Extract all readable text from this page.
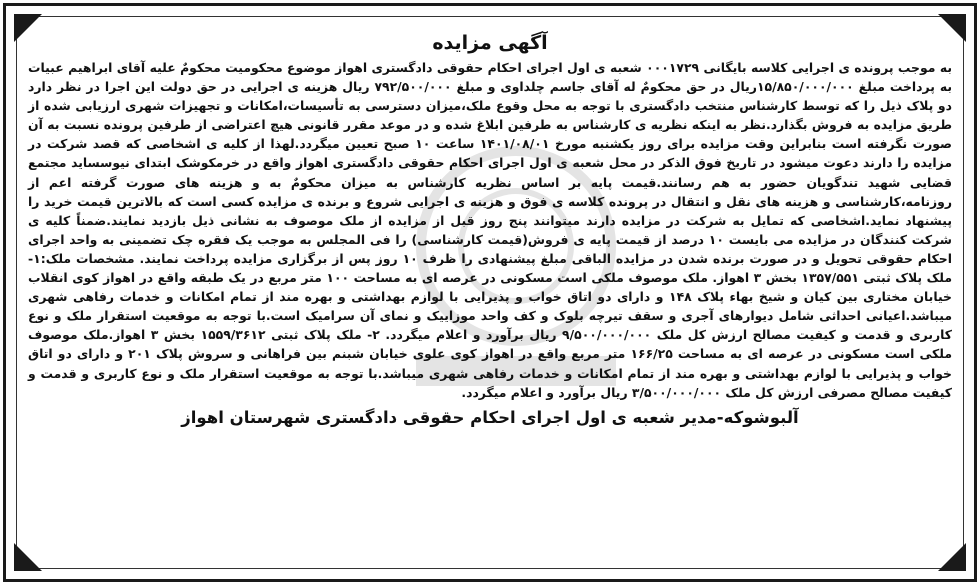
آگهی مزایده

به موجب پرونده ی اجرایی کلاسه بایگانی ۰۰۰۱۷۲۹ شعبه ی اول اجرای احکام حقوقی دادگستری اهواز موضوع محکومیت محکومٌ علیه آقای ابراهیم عبیات به پرداخت مبلغ ۱۵/۸۵۰/۰۰۰/۰۰۰ریال در حق محکومٌ له آقای جاسم چلداوی و مبلغ ۷۹۲/۵۰۰/۰۰۰ ریال هزینه ی اجرایی در حق دولت این اجرا در نظر دارد دو پلاک ذیل را که توسط کارشناس منتخب دادگستری با توجه به محل وقوع ملک،میزان دسترسی به تأسیسات،امکانات و تجهیزات شهری ارزیابی شده از طریق مزایده به فروش بگذارد.نظر به اینکه نظریه ی کارشناس به طرفین ابلاغ شده و در موعد مقرر قانونی هیچ اعتراضی از طرفین پرونده نسبت به آن صورت نگرفته است بنابراین وقت مزایده برای روز یکشنبه مورخ ۱۴۰۱/۰۸/۰۱ ساعت ۱۰ صبح تعیین میگردد.لهذا از کلیه ی اشخاصی که قصد شرکت در مزایده را دارند دعوت میشود در تاریخ فوق الذکر در محل شعبه ی اول اجرای احکام حقوقی دادگستری اهواز واقع در خرمکوشک ابتدای نیوسساید مجتمع قضایی شهید تندگویان حضور به هم رسانند.قیمت پایه بر اساس نظریه کارشناس به میزان محکومٌ به و هزینه های صورت گرفته اعم از روزنامه،کارشناسی و هزینه های نقل و انتقال در پرونده کلاسه ی فوق و هزینه ی اجرایی شروع و برنده ی مزایده کسی است که بالاترین قیمت خرید را پیشنهاد نماید.اشخاصی که تمایل به شرکت در مزایده دارند میتوانند پنج روز قبل از مزایده از ملک موصوف به نشانی ذیل بازدید نمایند.ضمناً کلیه ی شرکت کنندگان در مزایده می بایست ۱۰ درصد از قیمت پایه ی فروش(قیمت کارشناسی) را فی المجلس به موجب یک فقره چک تضمینی به واحد اجرای احکام حقوقی تحویل و در صورت برنده شدن در مزایده الباقی مبلغ پیشنهادی را ظرف ۱۰ روز پس از برگزاری مزایده پرداخت نمایند. مشخصات ملک:۱- ملک پلاک ثبتی ۱۳۵۷/۵۵۱ بخش ۳ اهواز. ملک موصوف ملکی است مسکونی در عرصه ای به مساحت ۱۰۰ متر مربع در یک طبقه واقع در اهواز کوی انقلاب خیابان مختاری بین کیان و شیخ بهاء پلاک ۱۴۸ و دارای دو اتاق خواب و پذیرایی با لوازم بهداشتی و بهره مند از تمام امکانات و خدمات رفاهی شهری میباشد.اعیانی احداثی شامل دیوارهای آجری و سقف تیرچه بلوک و کف واحد موزاییک و نمای آن سرامیک است.با توجه به موقعیت استقرار ملک و نوع کاربری و قدمت و کیفیت مصالح ارزش کل ملک ۹/۵۰۰/۰۰۰/۰۰۰ ریال برآورد و اعلام میگردد. ۲- ملک پلاک ثبتی ۱۵۵۹/۳۶۱۲ بخش ۳ اهواز.ملک موصوف ملکی است مسکونی در عرصه ای به مساحت ۱۶۶/۲۵ متر مربع واقع در اهواز کوی علوی خیابان شبنم بین فراهانی و سروش پلاک ۲۰۱ و دارای دو اتاق خواب و پذیرایی با لوازم بهداشتی و بهره مند از تمام امکانات و خدمات رفاهی شهری میباشد.با توجه به موقعیت استقرار ملک و نوع کاربری و قدمت و کیفیت مصالح مصرفی ارزش کل ملک ۳/۵۰۰/۰۰۰/۰۰۰ ریال برآورد و اعلام میگردد.

آلبوشوکه-مدیر شعبه ی اول اجرای احکام حقوقی دادگستری شهرستان اهواز
